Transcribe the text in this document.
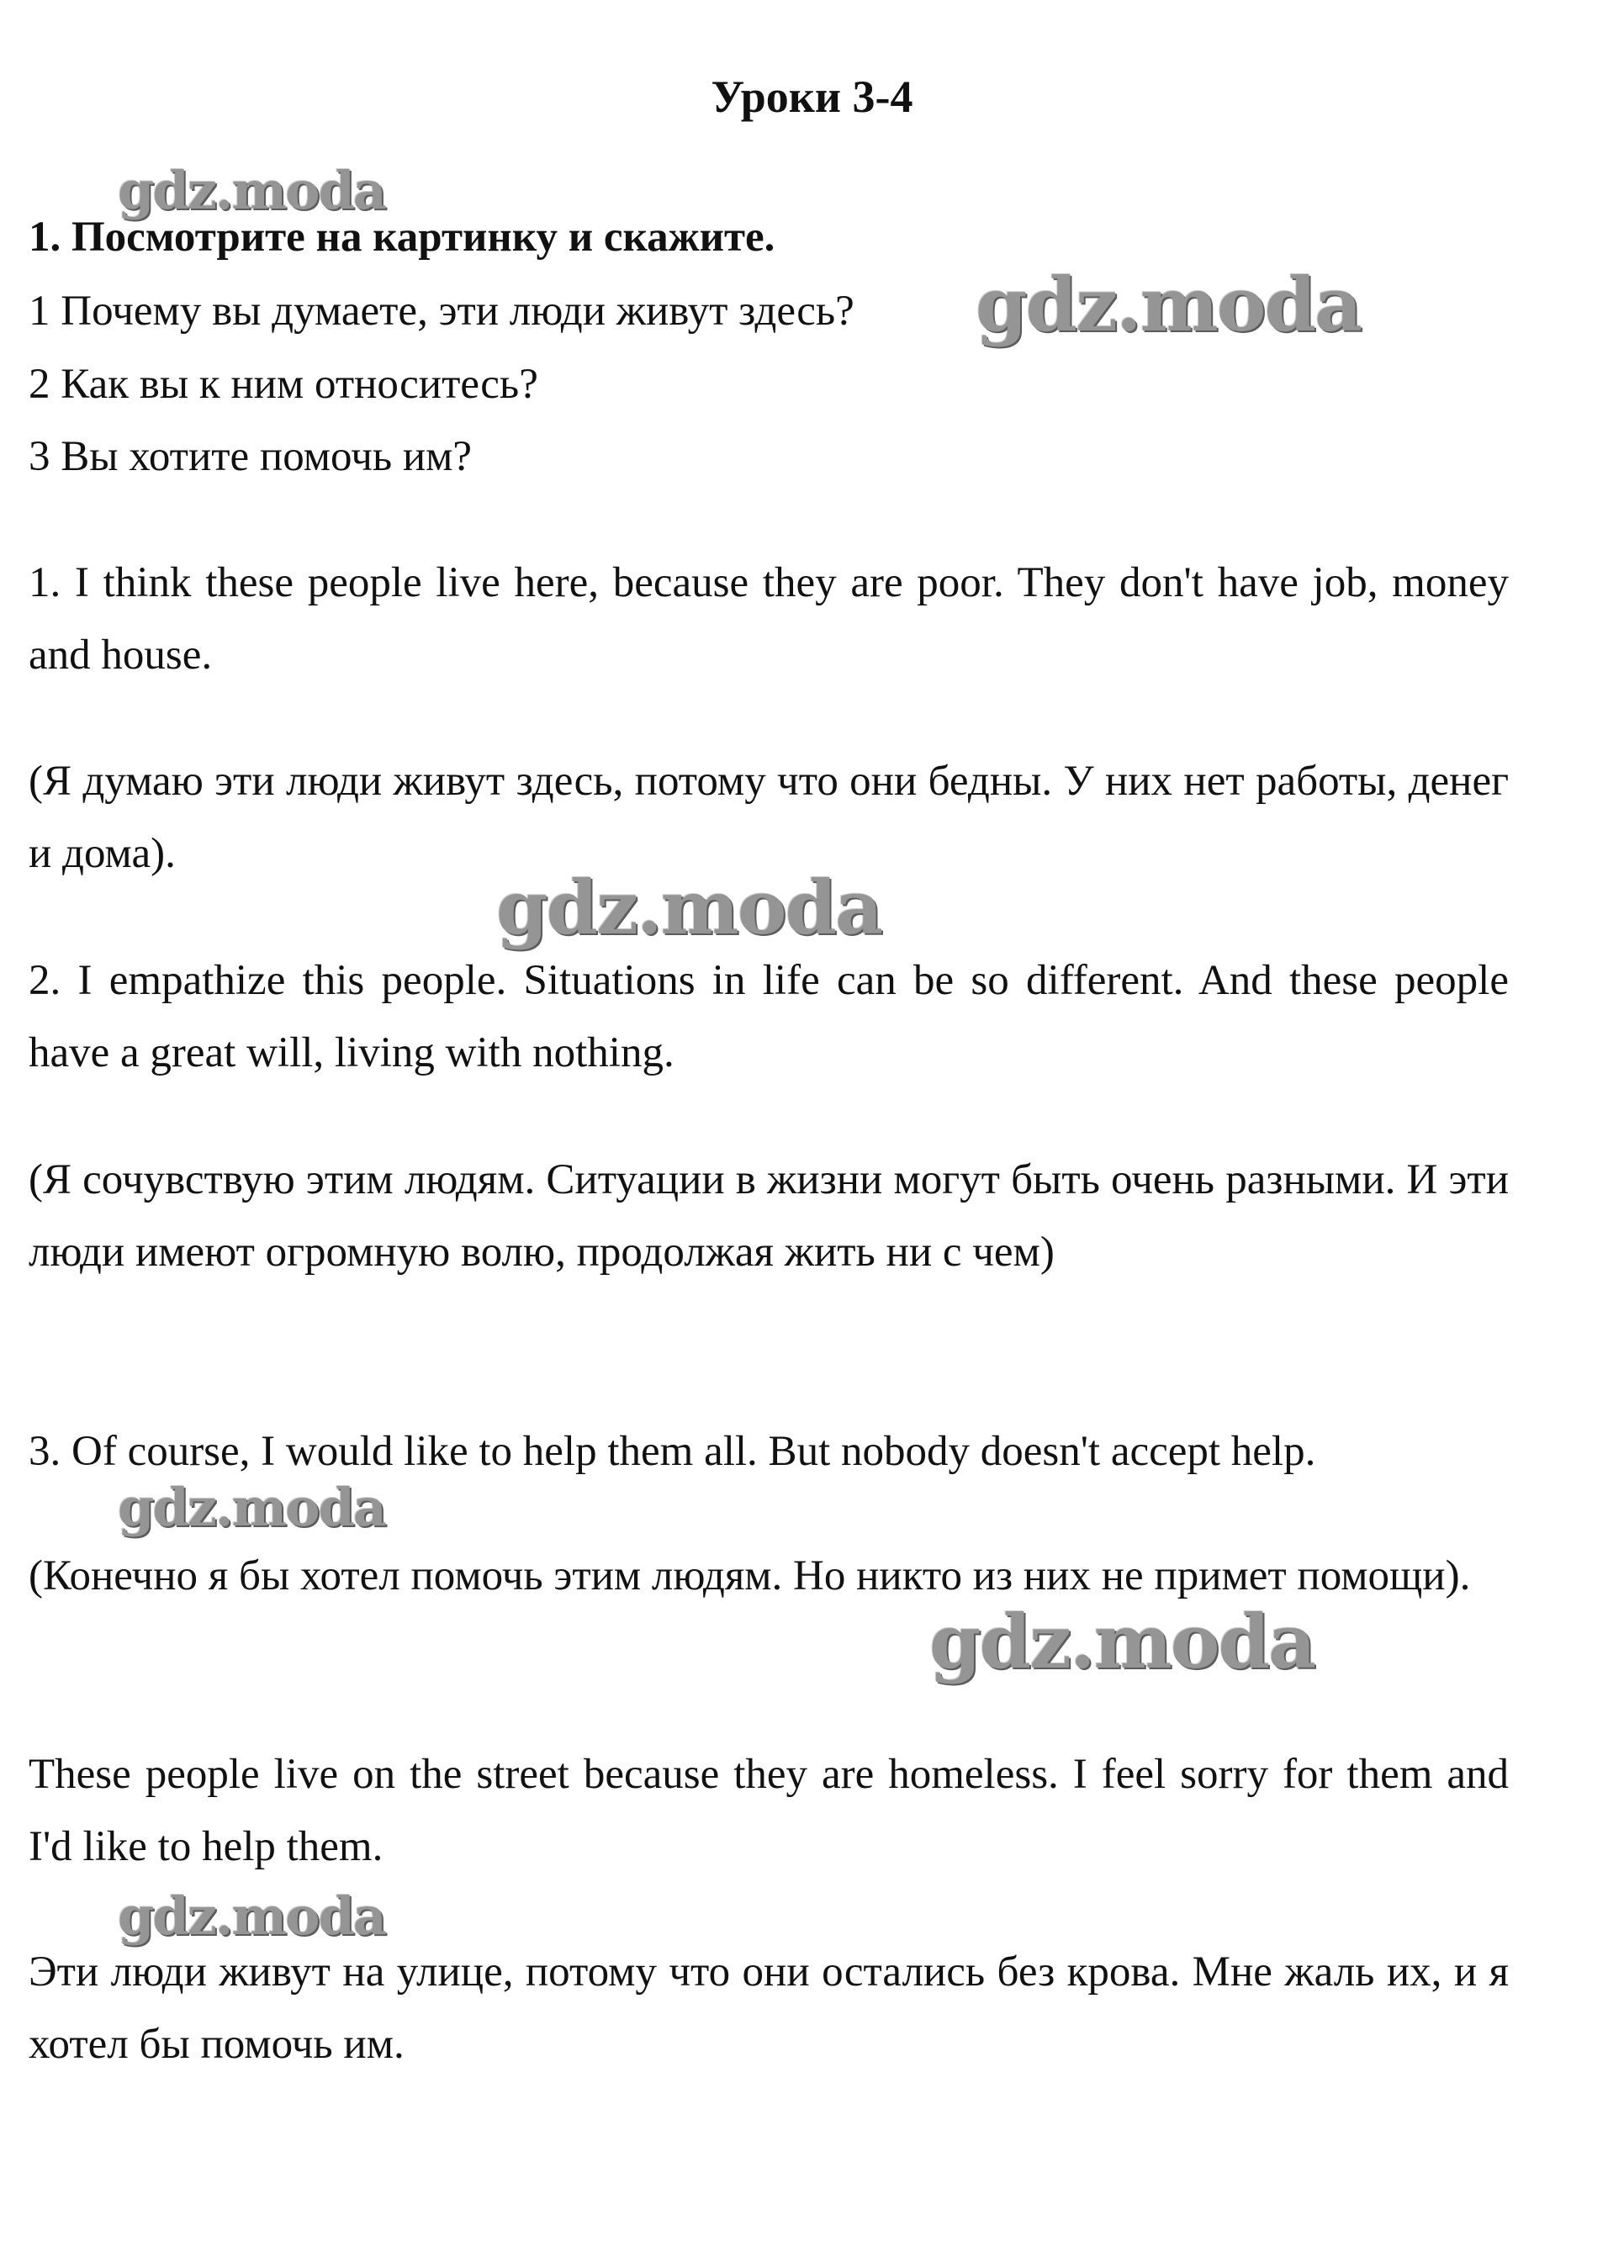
Уроки 3-4

1. Посмотрите на картинку и скажите.

1 Почему вы думаете, эти люди живут здесь?

2 Как вы к ним относитесь?

3 Вы хотите помочь им?

1. I think these people live here, because they are poor. They don't have job, money and house.

(Я думаю эти люди живут здесь, потому что они бедны. У них нет работы, денег и дома).

2. I empathize this people. Situations in life can be so different. And these people have a great will, living with nothing.

(Я сочувствую этим людям. Ситуации в жизни могут быть очень разными. И эти люди имеют огромную волю, продолжая жить ни с чем)

3. Of course, I would like to help them all. But nobody doesn't accept help.

(Конечно я бы хотел помочь этим людям. Но никто из них не примет помощи).

These people live on the street because they are homeless. I feel sorry for them and I'd like to help them.

Эти люди живут на улице, потому что они остались без крова. Мне жаль их, и я хотел бы помочь им.

gdz.moda
gdz.moda
gdz.moda
gdz.moda
gdz.moda
gdz.moda
